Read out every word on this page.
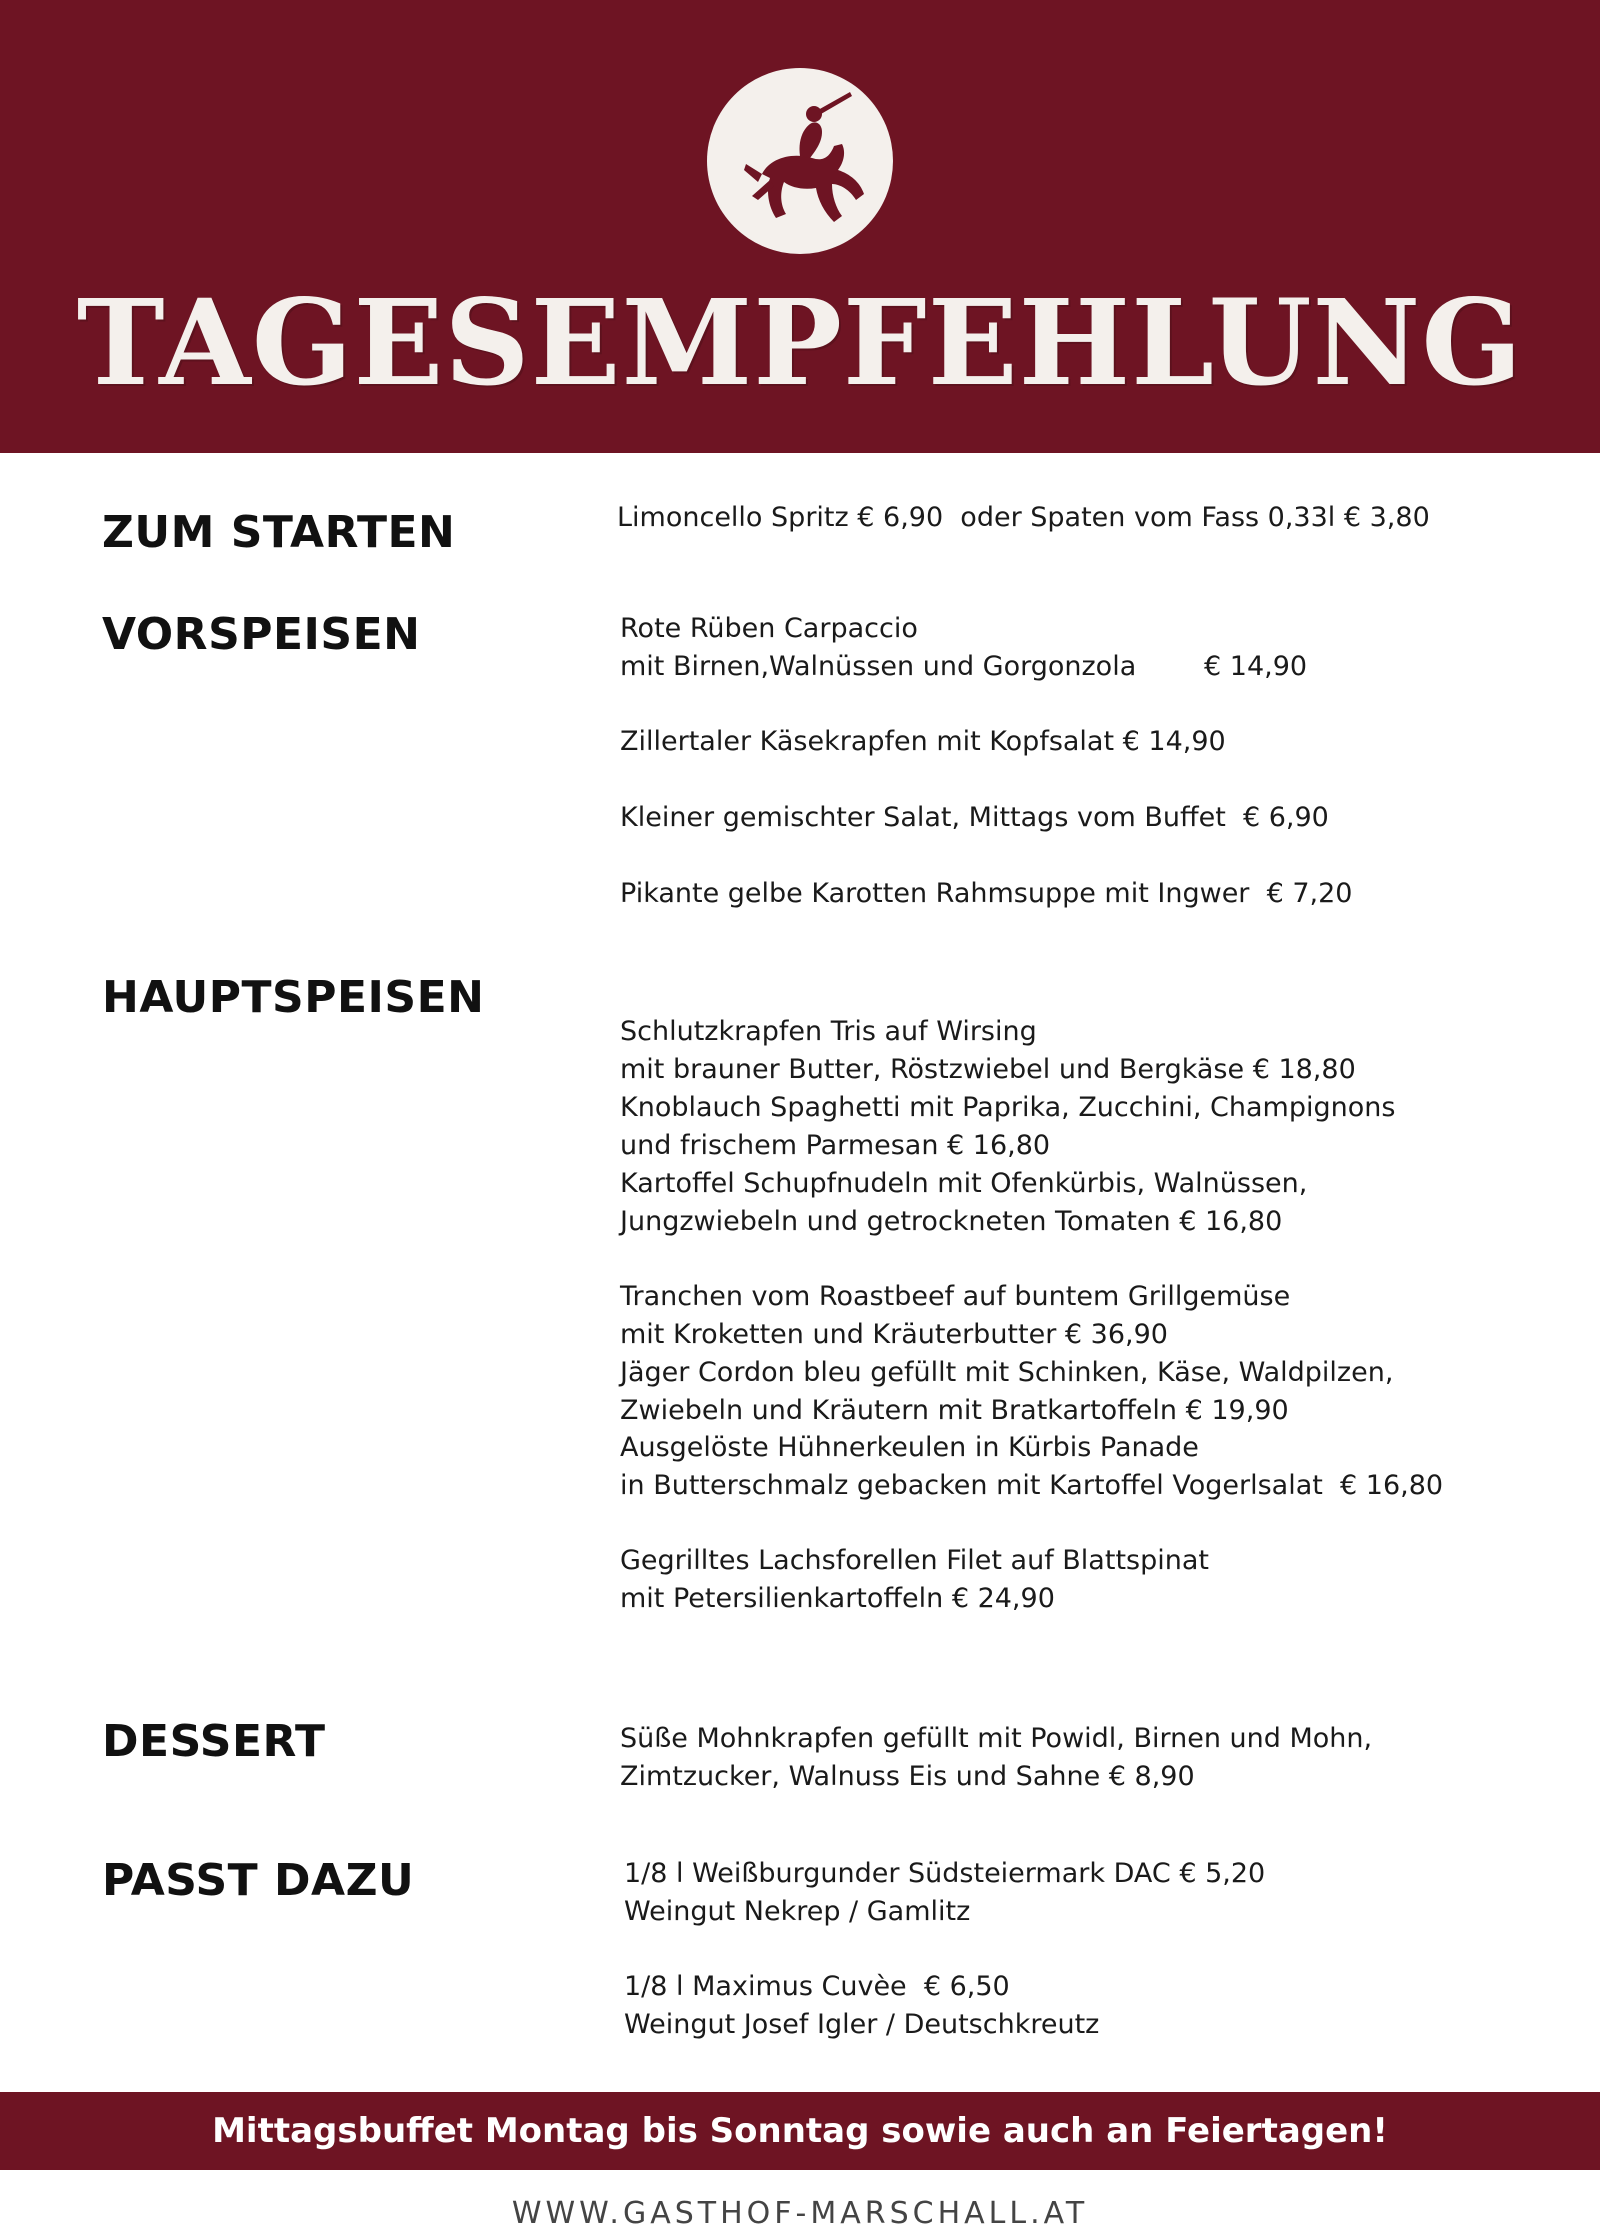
TAGESEMPFEHLUNG
ZUM STARTEN	Limoncello Spritz € 6,90  oder Spaten vom Fass 0,33l € 3,80
VORSPEISEN	Rote Rüben Carpaccio
mit Birnen,Walnüssen und Gorgonzola	€ 14,90
Zillertaler Käsekrapfen mit Kopfsalat € 14,90
Kleiner gemischter Salat, Mittags vom Buffet  € 6,90
Pikante gelbe Karotten Rahmsuppe mit Ingwer  € 7,20
HAUPTSPEISEN
Schlutzkrapfen Tris auf Wirsing
mit brauner Butter, Röstzwiebel und Bergkäse € 18,80
Knoblauch Spaghetti mit Paprika, Zucchini, Champignons
und frischem Parmesan € 16,80
Kartoffel Schupfnudeln mit Ofenkürbis, Walnüssen,
Jungzwiebeln und getrockneten Tomaten € 16,80
Tranchen vom Roastbeef auf buntem Grillgemüse
mit Kroketten und Kräuterbutter € 36,90
Jäger Cordon bleu gefüllt mit Schinken, Käse, Waldpilzen,
Zwiebeln und Kräutern mit Bratkartoffeln € 19,90
Ausgelöste Hühnerkeulen in Kürbis Panade
in Butterschmalz gebacken mit Kartoffel Vogerlsalat  € 16,80
Gegrilltes Lachsforellen Filet auf Blattspinat
mit Petersilienkartoffeln € 24,90
DESSERT	Süße Mohnkrapfen gefüllt mit Powidl, Birnen und Mohn,
Zimtzucker, Walnuss Eis und Sahne € 8,90
PASST DAZU	1/8 l Weißburgunder Südsteiermark DAC € 5,20
Weingut Nekrep / Gamlitz
1/8 l Maximus Cuvèe  € 6,50
Weingut Josef Igler / Deutschkreutz
Mittagsbuffet Montag bis Sonntag sowie auch an Feiertagen!
WWW.GASTHOF-MARSCHALL.AT
